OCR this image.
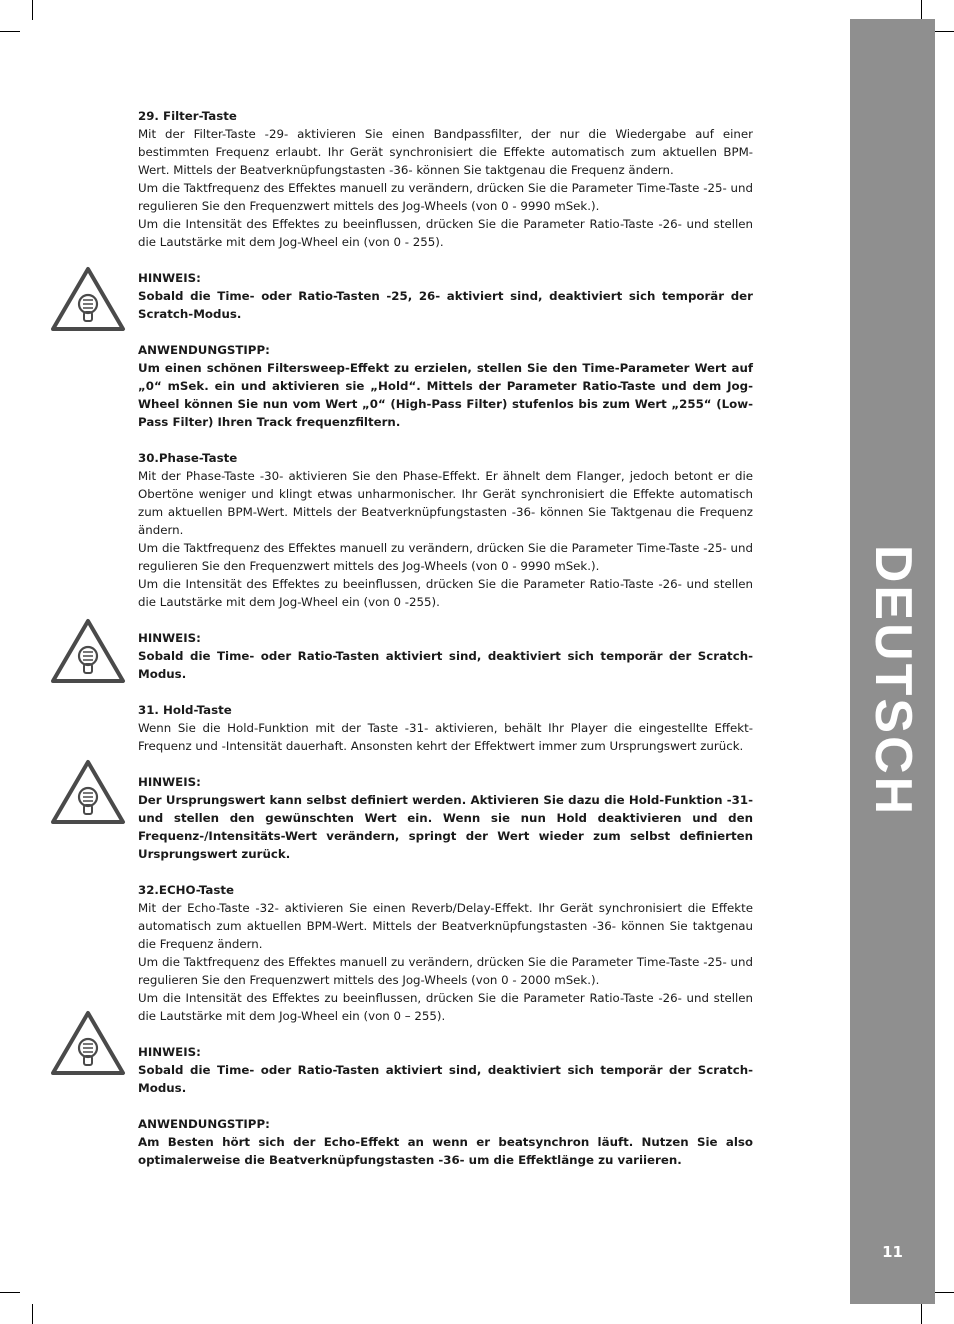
DEUTSCH
11

29. Filter-Taste

Mit der Filter-Taste -29- aktivieren Sie einen Bandpassfilter, der nur die Wiedergabe auf einer bestimmten Frequenz erlaubt. Ihr Gerät synchronisiert die Effekte automatisch zum aktuellen BPM-Wert. Mittels der Beatverknüpfungstasten -36- können Sie taktgenau die Frequenz ändern.

Um die Taktfrequenz des Effektes manuell zu verändern, drücken Sie die Parameter Time-Taste -25- und regulieren Sie den Frequenzwert mittels des Jog-Wheels (von 0 - 9990 mSek.).

Um die Intensität des Effektes zu beeinflussen, drücken Sie die Parameter Ratio-Taste -26- und stellen die Lautstärke mit dem Jog-Wheel ein (von 0 - 255).

HINWEIS:

Sobald die Time- oder Ratio-Tasten -25, 26- aktiviert sind, deaktiviert sich temporär der Scratch-Modus.

ANWENDUNGSTIPP:

Um einen schönen Filtersweep-Effekt zu erzielen, stellen Sie den Time-Parameter Wert auf „0“ mSek. ein und aktivieren sie „Hold“. Mittels der Parameter Ratio-Taste und dem Jog-Wheel können Sie nun vom Wert „0“ (High-Pass Filter) stufenlos bis zum Wert „255“ (Low-Pass Filter) Ihren Track frequenzfiltern.

30.Phase-Taste

Mit der Phase-Taste -30- aktivieren Sie den Phase-Effekt. Er ähnelt dem Flanger, jedoch betont er die Obertöne weniger und klingt etwas unharmonischer. Ihr Gerät synchronisiert die Effekte automatisch zum aktuellen BPM-Wert. Mittels der Beatverknüpfungstasten -36- können Sie Taktgenau die Frequenz ändern.

Um die Taktfrequenz des Effektes manuell zu verändern, drücken Sie die Parameter Time-Taste -25- und regulieren Sie den Frequenzwert mittels des Jog-Wheels (von 0 - 9990 mSek.).

Um die Intensität des Effektes zu beeinflussen, drücken Sie die Parameter Ratio-Taste -26- und stellen die Lautstärke mit dem Jog-Wheel ein (von 0 -255).

HINWEIS:

Sobald die Time- oder Ratio-Tasten aktiviert sind, deaktiviert sich temporär der Scratch-Modus.

31. Hold-Taste

Wenn Sie die Hold-Funktion mit der Taste -31- aktivieren, behält Ihr Player die eingestellte Effekt-Frequenz und -Intensität dauerhaft. Ansonsten kehrt der Effektwert immer zum Ursprungswert zurück.

HINWEIS:

Der Ursprungswert kann selbst definiert werden. Aktivieren Sie dazu die Hold-Funktion -31- und stellen den gewünschten Wert ein. Wenn sie nun Hold deaktivieren und den Frequenz-/Intensitäts-Wert verändern, springt der Wert wieder zum selbst definierten Ursprungswert zurück.

32.ECHO-Taste

Mit der Echo-Taste -32- aktivieren Sie einen Reverb/Delay-Effekt. Ihr Gerät synchronisiert die Effekte automatisch zum aktuellen BPM-Wert. Mittels der Beatverknüpfungstasten -36- können Sie taktgenau die Frequenz ändern.

Um die Taktfrequenz des Effektes manuell zu verändern, drücken Sie die Parameter Time-Taste -25- und regulieren Sie den Frequenzwert mittels des Jog-Wheels (von 0 - 2000 mSek.).

Um die Intensität des Effektes zu beeinflussen, drücken Sie die Parameter Ratio-Taste -26- und stellen die Lautstärke mit dem Jog-Wheel ein (von 0 – 255).

HINWEIS:

Sobald die Time- oder Ratio-Tasten aktiviert sind, deaktiviert sich temporär der Scratch-Modus.

ANWENDUNGSTIPP:

Am Besten hört sich der Echo-Effekt an wenn er beatsynchron läuft. Nutzen Sie also optimalerweise die Beatverknüpfungstasten -36- um die Effektlänge zu variieren.
